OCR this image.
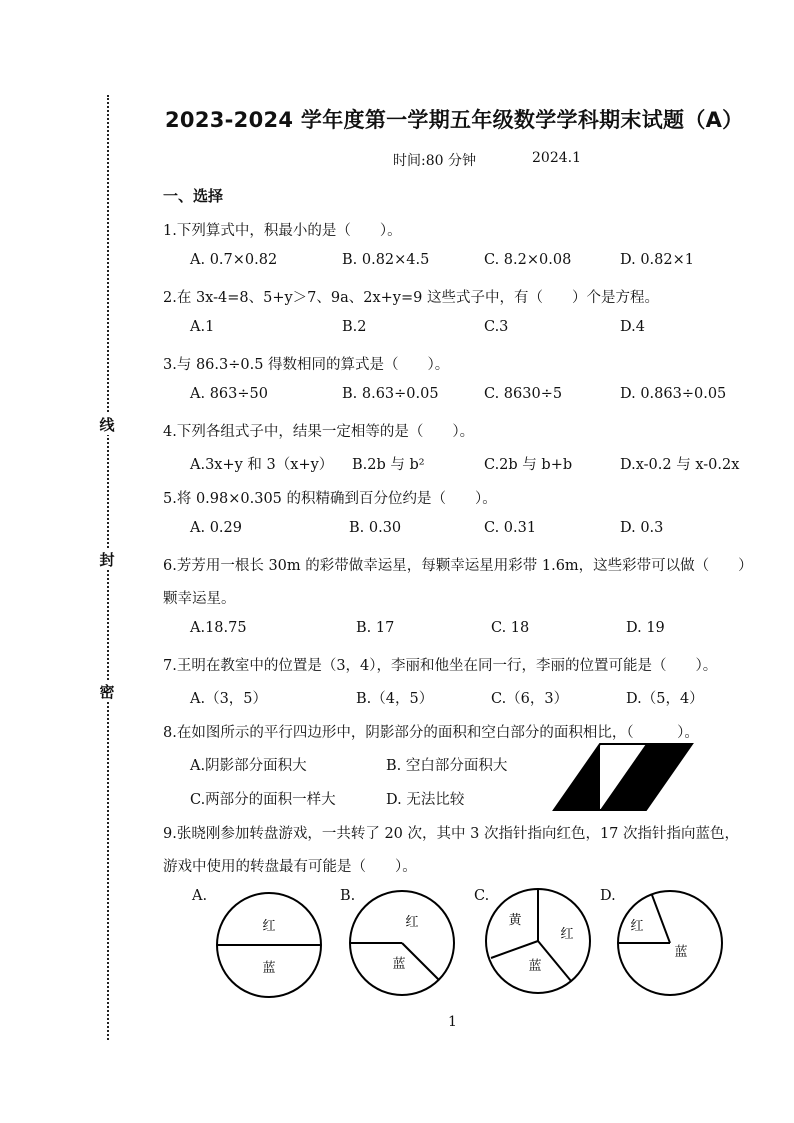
线
封
密
2023-2024 学年度第一学期五年级数学学科期末试题（A）
时间:80 分钟	2024.1
一、选择
1.下列算式中，积最小的是（　　）。
A. 0.7×0.82	B. 0.82×4.5	C. 8.2×0.08	D. 0.82×1
2.在 3x-4=8、5+y＞7、9a、2x+y=9 这些式子中，有（　　）个是方程。
A.1	B.2	C.3	D.4
3.与 86.3÷0.5 得数相同的算式是（　　）。
A. 863÷50	B. 8.63÷0.05	C. 8630÷5	D. 0.863÷0.05
4.下列各组式子中，结果一定相等的是（　　）。
A.3x+y 和 3（x+y） B.2b 与 b²	C.2b 与 b+b	D.x-0.2 与 x-0.2x
5.将 0.98×0.305 的积精确到百分位约是（　　）。
A. 0.29	B. 0.30	C. 0.31	D. 0.3
6.芳芳用一根长 30m 的彩带做幸运星，每颗幸运星用彩带 1.6m，这些彩带可以做（　　）
颗幸运星。
A.18.75	B. 17	C. 18	D. 19
7.王明在教室中的位置是（3，4），李丽和他坐在同一行，李丽的位置可能是（　　）。
A.（3，5）	B.（4，5）	C.（6，3）	D.（5，4）
8.在如图所示的平行四边形中，阴影部分的面积和空白部分的面积相比，（　　　）。
A.阴影部分面积大	B. 空白部分面积大
C.两部分的面积一样大	D. 无法比较
9.张晓刚参加转盘游戏，一共转了 20 次，其中 3 次指针指向红色，17 次指针指向蓝色，
游戏中使用的转盘最有可能是（　　）。
A.
红
蓝
B.
红
蓝
C.
黄
红
蓝
D.
红
蓝
1
